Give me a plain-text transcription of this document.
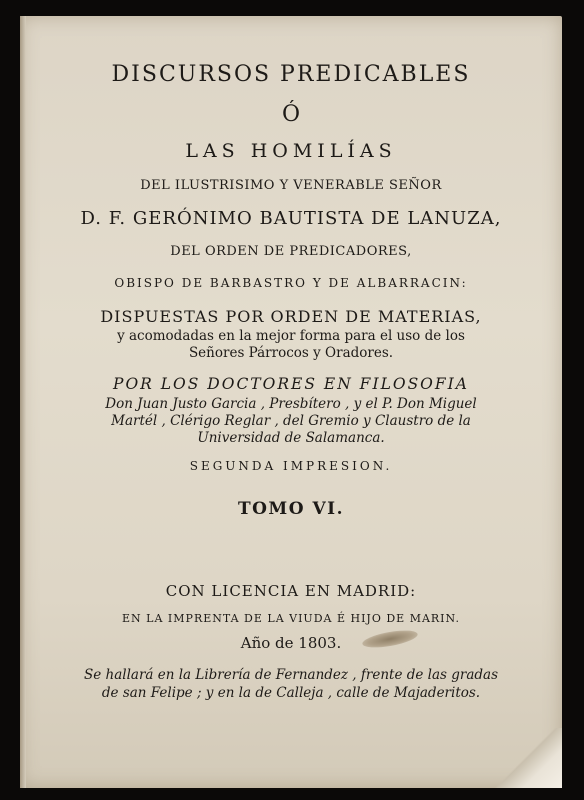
DISCURSOS PREDICABLES

Ó

LAS HOMILÍAS

DEL ILUSTRISIMO Y VENERABLE SEÑOR

D. F. GERÓNIMO BAUTISTA DE LANUZA,

DEL ORDEN DE PREDICADORES,

OBISPO DE BARBASTRO Y DE ALBARRACIN:

DISPUESTAS POR ORDEN DE MATERIAS,

y acomodadas en la mejor forma para el uso de los

Señores Párrocos y Oradores.

POR LOS DOCTORES EN FILOSOFIA

Don Juan Justo Garcia , Presbítero , y el P. Don Miguel

Martél , Clérigo Reglar , del Gremio y Claustro de la

Universidad de Salamanca.

SEGUNDA IMPRESION.

TOMO VI.

CON LICENCIA EN MADRID:

EN LA IMPRENTA DE LA VIUDA É HIJO DE MARIN.

Año de 1803.

Se hallará en la Librería de Fernandez , frente de las gradas

de san Felipe ; y en la de Calleja , calle de Majaderitos.
